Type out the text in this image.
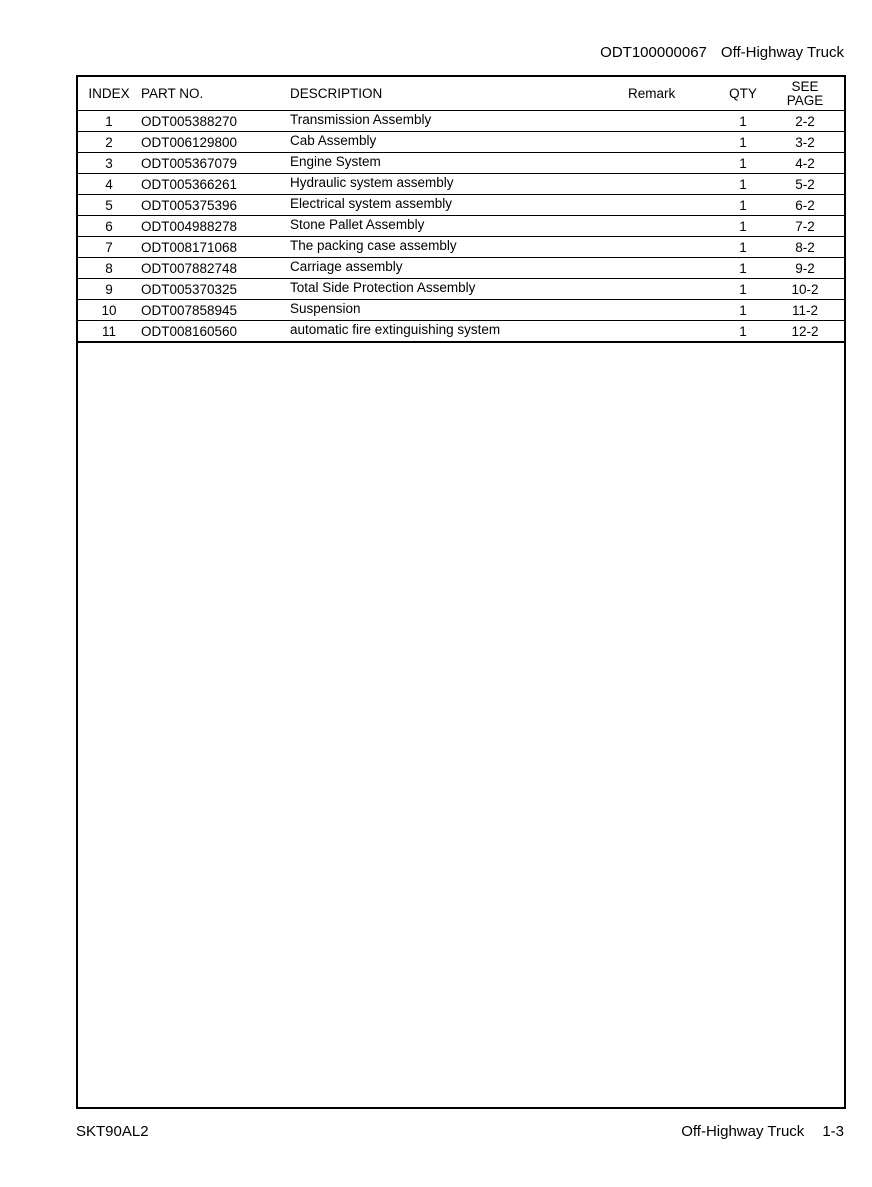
ODT100000067 Off-Highway Truck
INDEX	PART NO.	DESCRIPTION	Remark	QTY	SEE
PAGE
1	ODT005388270	Transmission Assembly		1	2-2
2	ODT006129800	Cab Assembly		1	3-2
3	ODT005367079	Engine System		1	4-2
4	ODT005366261	Hydraulic system assembly		1	5-2
5	ODT005375396	Electrical system assembly		1	6-2
6	ODT004988278	Stone Pallet Assembly		1	7-2
7	ODT008171068	The packing case assembly		1	8-2
8	ODT007882748	Carriage assembly		1	9-2
9	ODT005370325	Total Side Protection Assembly		1	10-2
10	ODT007858945	Suspension		1	11-2
11	ODT008160560	automatic fire extinguishing system		1	12-2
SKT90AL2	Off-Highway Truck 1-3
